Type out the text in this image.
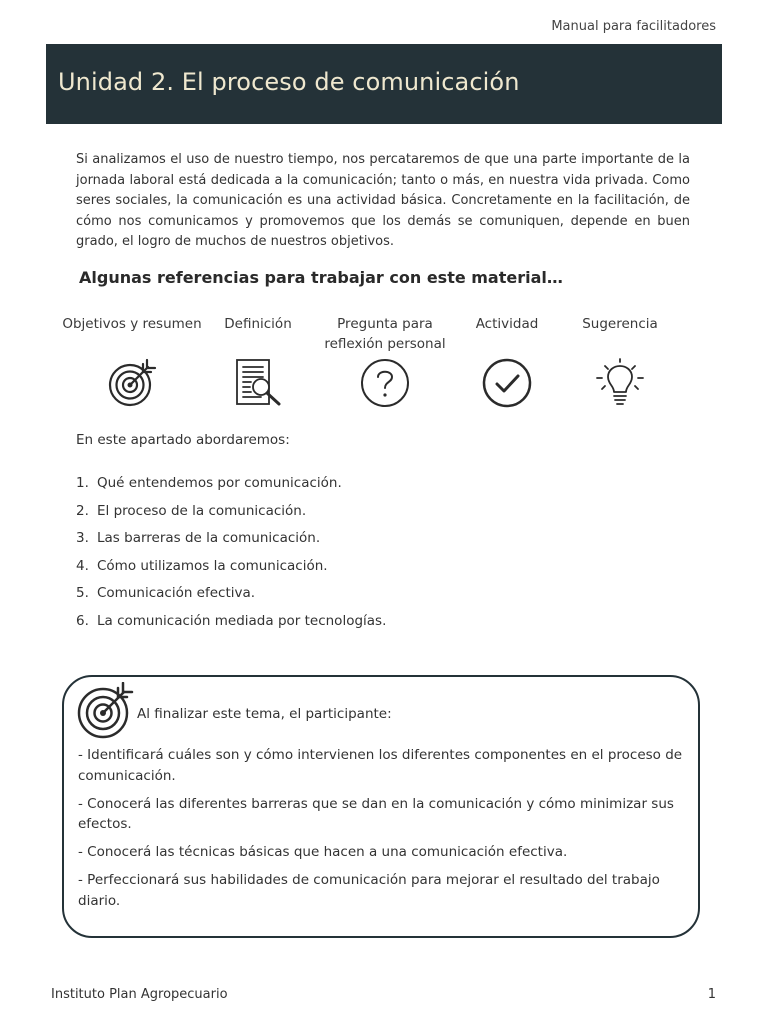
Manual para facilitadores
Unidad 2. El proceso de comunicación

Si analizamos el uso de nuestro tiempo, nos percataremos de que una parte importante de la jornada laboral está dedicada a la comunicación; tanto o más, en nuestra vida privada. Como seres sociales, la comunicación es una actividad básica. Concretamente en la facilitación, de cómo nos comunicamos y promovemos que los demás se comuniquen, depende en buen grado, el logro de muchos de nuestros objetivos.

Algunas referencias para trabajar con este material…
Objetivos y resumen	Definición	Pregunta para reflexión personal
Actividad	Sugerencia

En este apartado abordaremos:

1. Qué entendemos por comunicación.
2. El proceso de la comunicación.
3. Las barreras de la comunicación.
4. Cómo utilizamos la comunicación.
5. Comunicación efectiva.
6. La comunicación mediada por tecnologías.

Al finalizar este tema, el participante:

- Identificará cuáles son y cómo intervienen los diferentes componentes en el proceso de comunicación.
- Conocerá las diferentes barreras que se dan en la comunicación y cómo minimizar sus efectos.
- Conocerá las técnicas básicas que hacen a una comunicación efectiva.
- Perfeccionará sus habilidades de comunicación para mejorar el resultado del trabajo diario.
Instituto Plan Agropecuario	1
